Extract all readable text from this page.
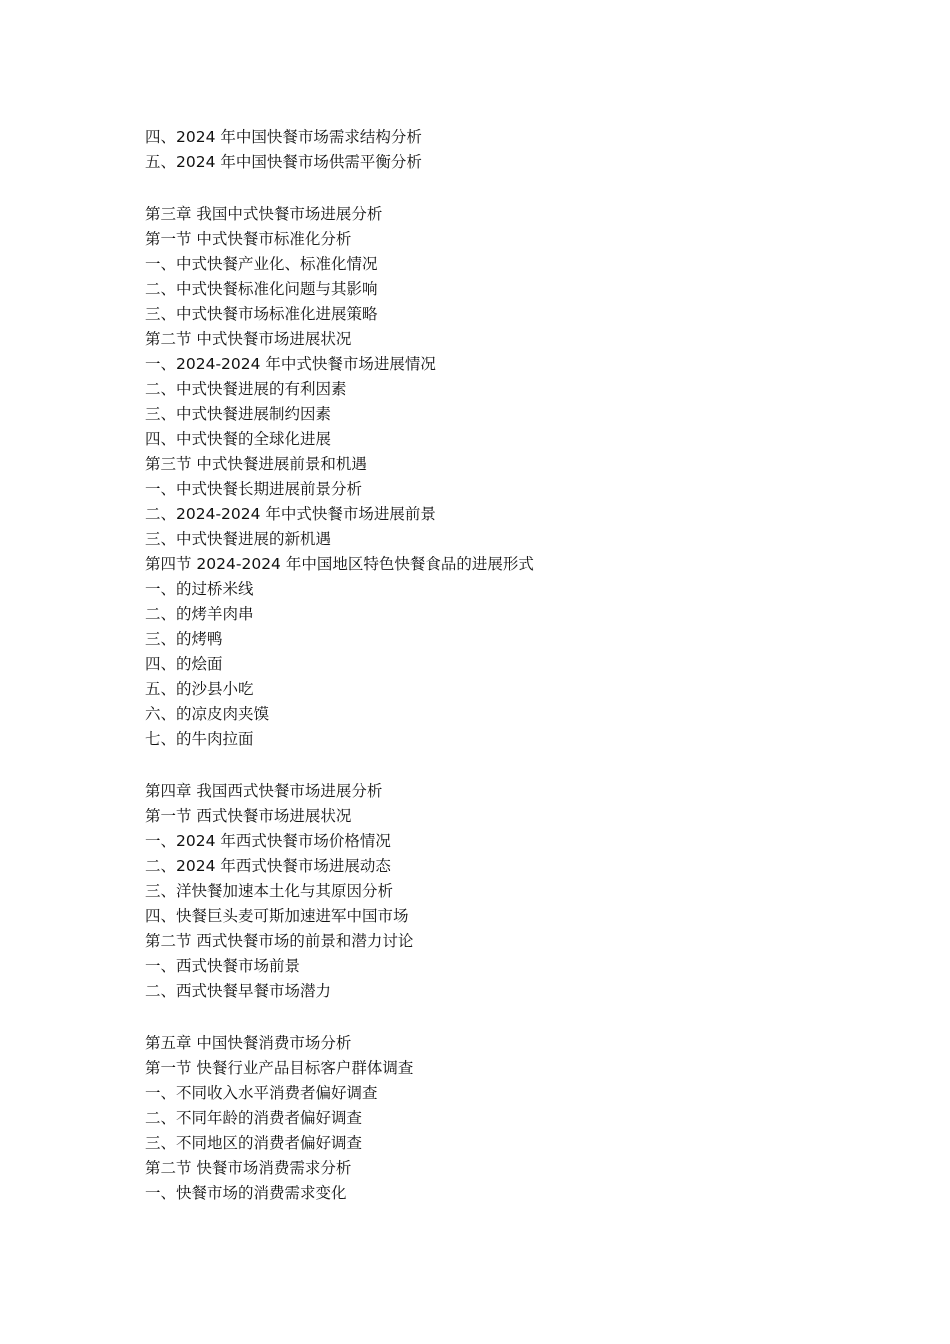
四、2024 年中国快餐市场需求结构分析
五、2024 年中国快餐市场供需平衡分析
第三章 我国中式快餐市场进展分析
第一节 中式快餐市标准化分析
一、中式快餐产业化、标准化情况
二、中式快餐标准化问题与其影响
三、中式快餐市场标准化进展策略
第二节 中式快餐市场进展状况
一、2024-2024 年中式快餐市场进展情况
二、中式快餐进展的有利因素
三、中式快餐进展制约因素
四、中式快餐的全球化进展
第三节 中式快餐进展前景和机遇
一、中式快餐长期进展前景分析
二、2024-2024 年中式快餐市场进展前景
三、中式快餐进展的新机遇
第四节 2024-2024 年中国地区特色快餐食品的进展形式
一、的过桥米线
二、的烤羊肉串
三、的烤鸭
四、的烩面
五、的沙县小吃
六、的凉皮肉夹馍
七、的牛肉拉面
第四章 我国西式快餐市场进展分析
第一节 西式快餐市场进展状况
一、2024 年西式快餐市场价格情况
二、2024 年西式快餐市场进展动态
三、洋快餐加速本土化与其原因分析
四、快餐巨头麦可斯加速进军中国市场
第二节 西式快餐市场的前景和潜力讨论
一、西式快餐市场前景
二、西式快餐早餐市场潜力
第五章 中国快餐消费市场分析
第一节 快餐行业产品目标客户群体调查
一、不同收入水平消费者偏好调查
二、不同年龄的消费者偏好调查
三、不同地区的消费者偏好调查
第二节 快餐市场消费需求分析
一、快餐市场的消费需求变化
